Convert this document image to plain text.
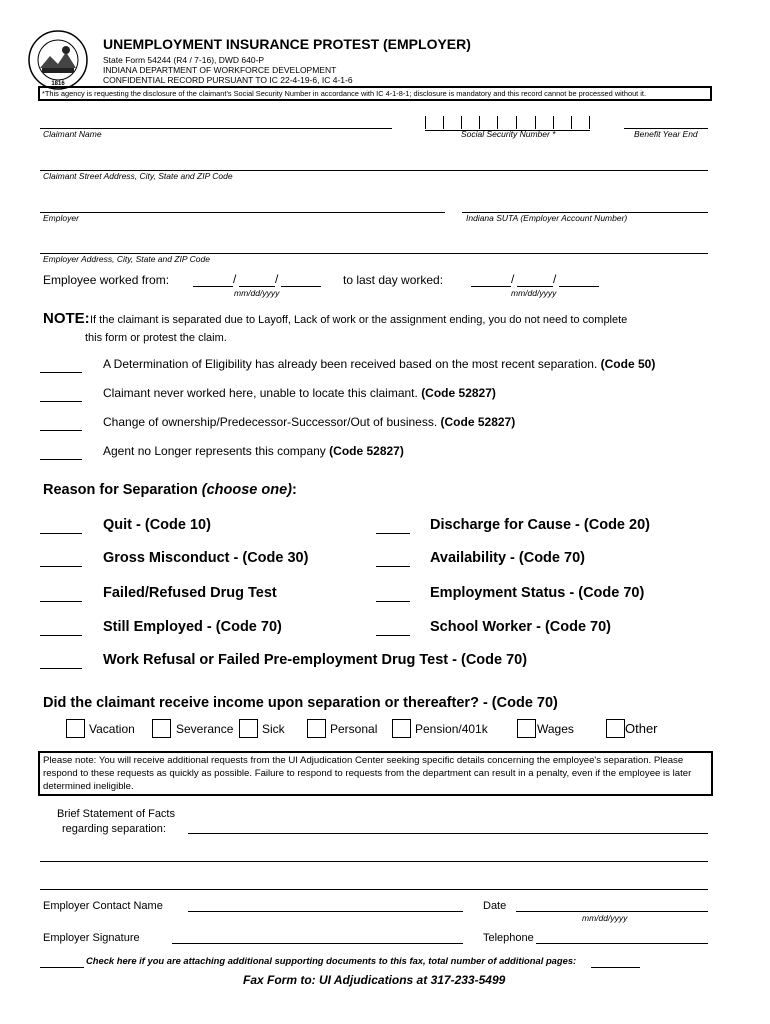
1816
UNEMPLOYMENT INSURANCE PROTEST (EMPLOYER)
State Form 54244 (R4 / 7-16), DWD 640-P
INDIANA DEPARTMENT OF WORKFORCE DEVELOPMENT
CONFIDENTIAL RECORD PURSUANT TO IC 22-4-19-6, IC 4-1-6
*This agency is requesting the disclosure of the claimant's Social Security Number in accordance with IC 4-1-8-1; disclosure is mandatory and this record cannot be processed without it.
Claimant Name	Social Security Number *	Benefit Year End
Claimant Street Address, City, State and ZIP Code
Employer	Indiana SUTA (Employer Account Number)
Employer Address, City, State and ZIP Code
Employee worked from:	/	/
mm/dd/yyyy
to last day worked:	/	/
mm/dd/yyyy
NOTE: If the claimant is separated due to Layoff, Lack of work or the assignment ending, you do not need to complete
this form or protest the claim.
A Determination of Eligibility has already been received based on the most recent separation. (Code 50)
Claimant never worked here, unable to locate this claimant. (Code 52827)
Change of ownership/Predecessor-Successor/Out of business. (Code 52827)
Agent no Longer represents this company (Code 52827)
Reason for Separation (choose one):
Quit - (Code 10)	Discharge for Cause - (Code 20)
Gross Misconduct - (Code 30)	Availability - (Code 70)
Failed/Refused Drug Test	Employment Status - (Code 70)
Still Employed - (Code 70)	School Worker - (Code 70)
Work Refusal or Failed Pre-employment Drug Test - (Code 70)
Did the claimant receive income upon separation or thereafter? - (Code 70)
Vacation	Severance Sick	Personal	Pension/401k	Wages	Other
Please note: You will receive additional requests from the UI Adjudication Center seeking specific details concerning the employee's separation. Please respond to these requests as quickly as possible. Failure to respond to requests from the department can result in a penalty, even if the employee is later determined ineligible.
Brief Statement of Facts
regarding separation:
Employer Contact Name	Date
mm/dd/yyyy
Employer Signature	Telephone
Check here if you are attaching additional supporting documents to this fax, total number of additional pages:
Fax Form to: UI Adjudications at 317-233-5499
